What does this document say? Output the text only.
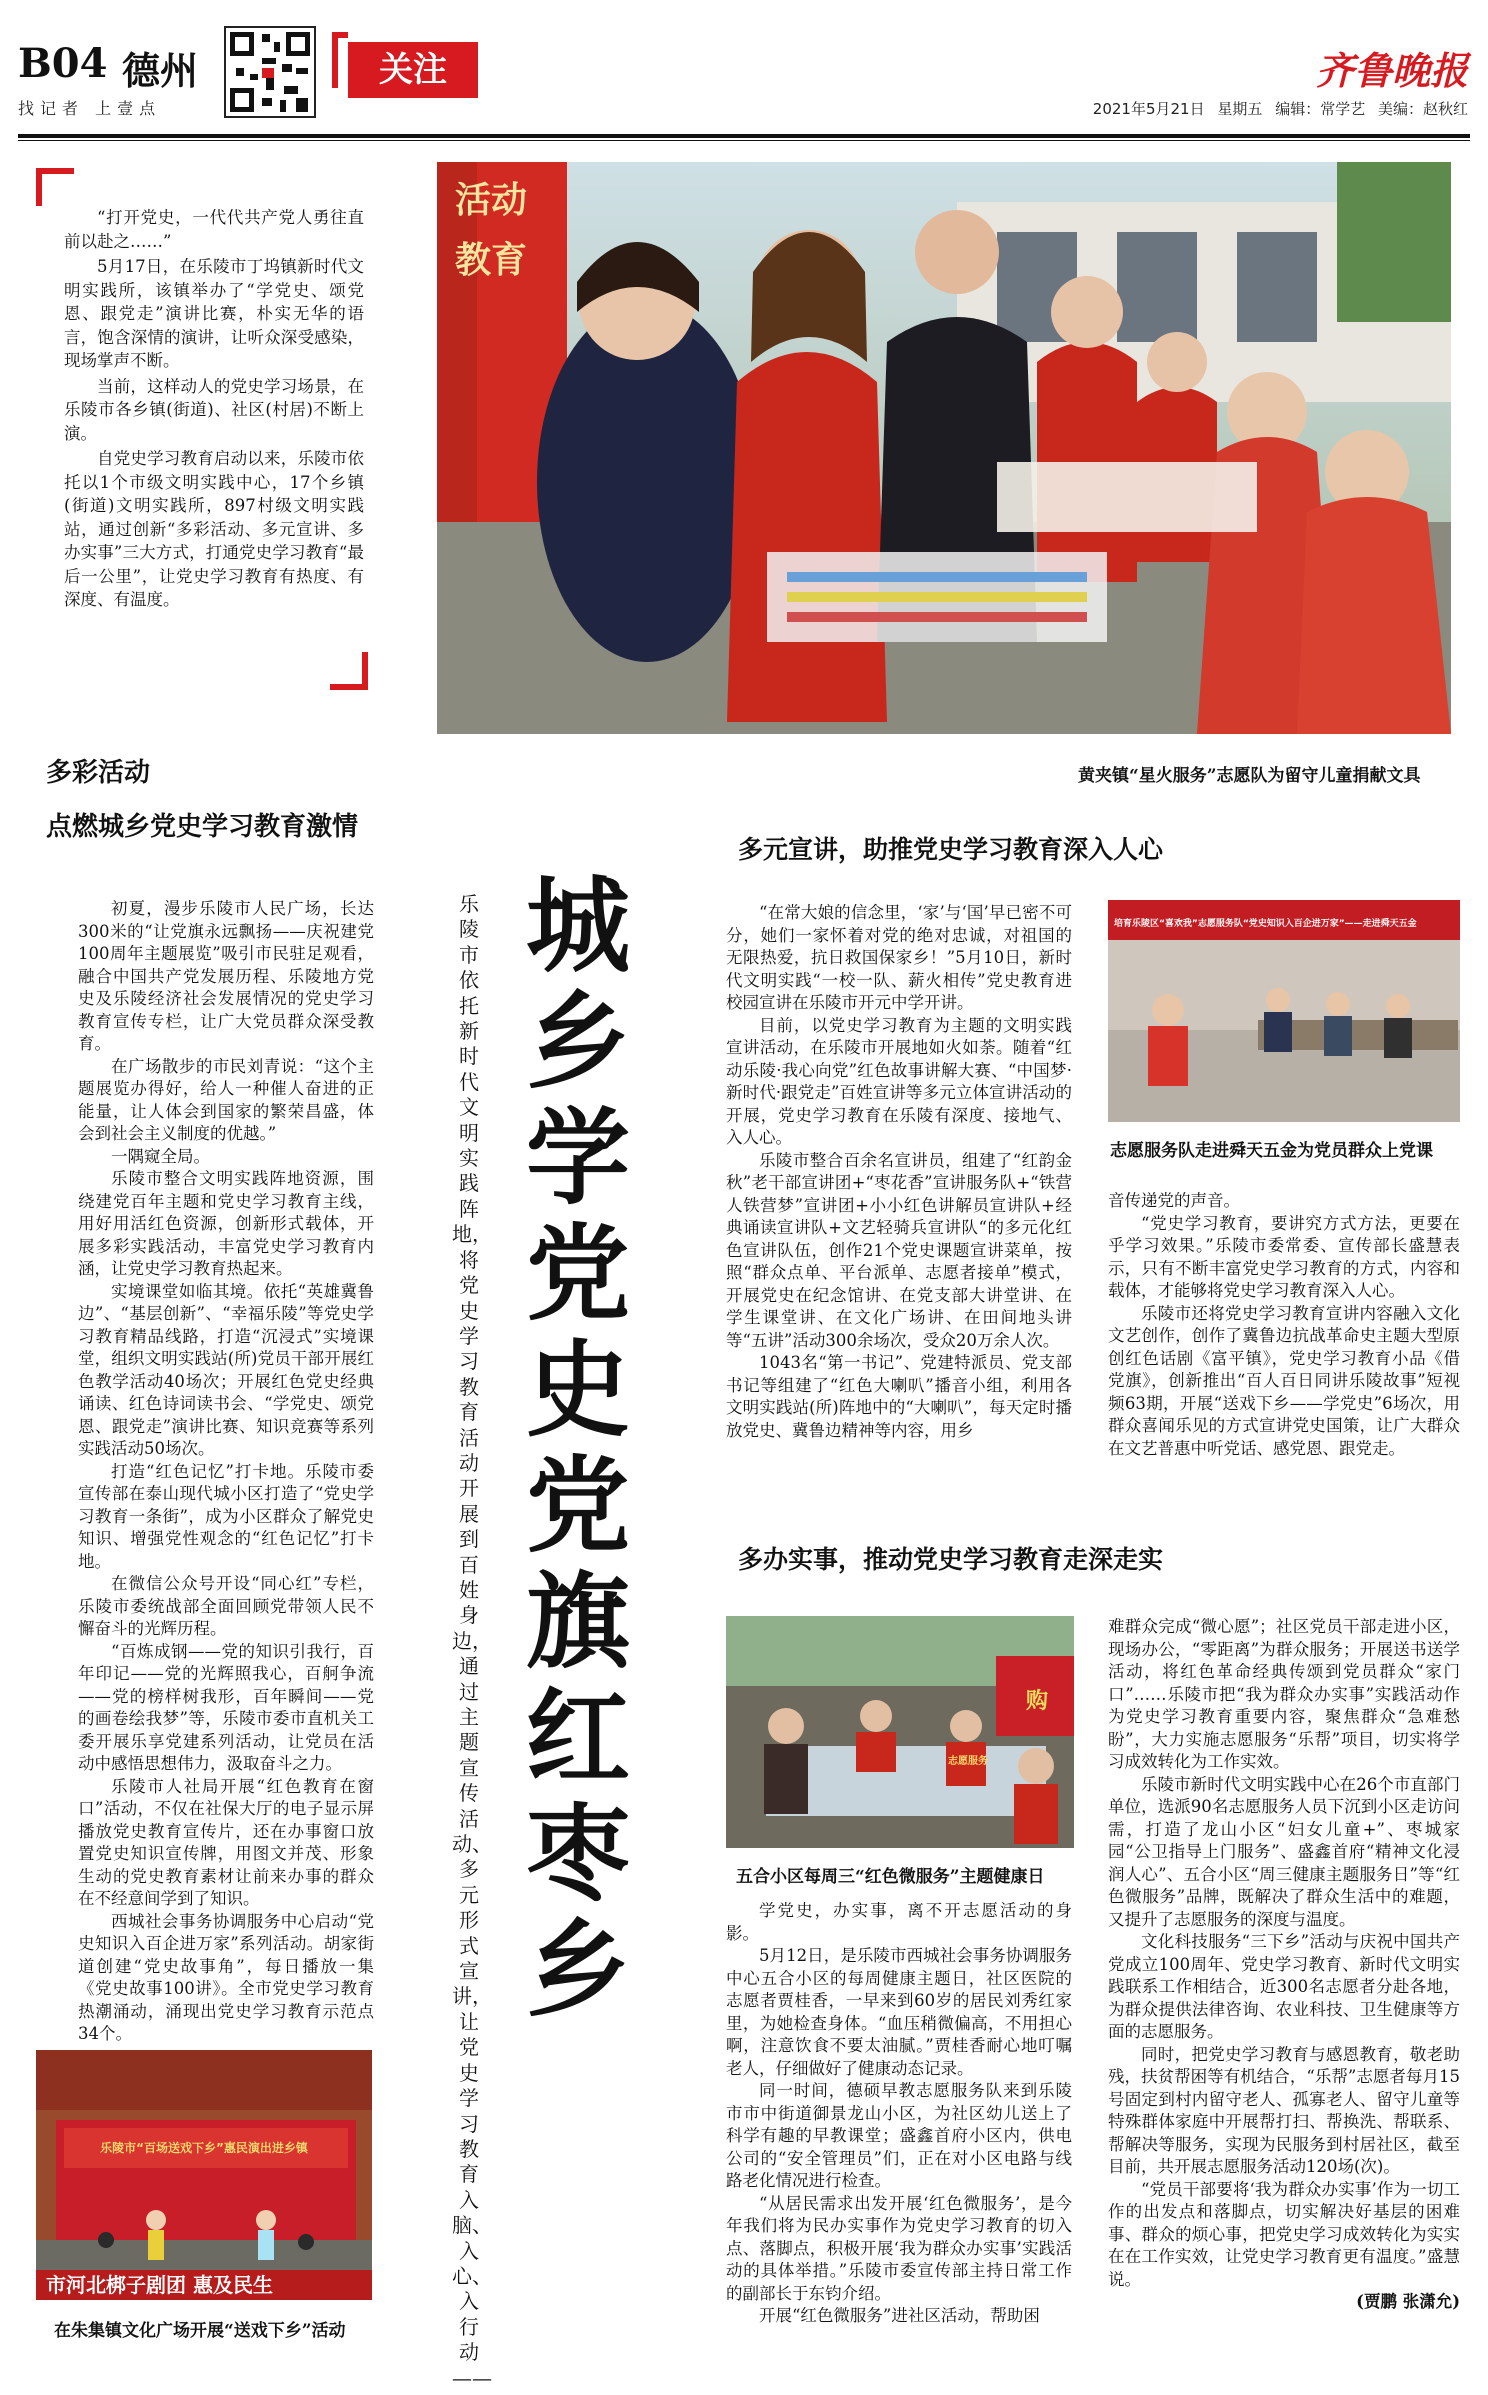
B04 德州
找记者 上壹点
关注	齐鲁晚报
2021年5月21日 星期五 编辑：常学艺 美编：赵秋红

“打开党史，一代代共产党人勇往直前以赴之……”

5月17日，在乐陵市丁坞镇新时代文明实践所，该镇举办了“学党史、颂党恩、跟党走”演讲比赛，朴实无华的语言，饱含深情的演讲，让听众深受感染，现场掌声不断。

当前，这样动人的党史学习场景，在乐陵市各乡镇(街道)、社区(村居)不断上演。

自党史学习教育启动以来，乐陵市依托以1个市级文明实践中心，17个乡镇(街道)文明实践所，897村级文明实践站，通过创新“多彩活动、多元宣讲、多办实事”三大方式，打通党史学习教育“最后一公里”，让党史学习教育有热度、有深度、有温度。

活动
教育
黄夹镇“星火服务”志愿队为留守儿童捐献文具
多彩活动
点燃城乡党史学习教育激情

初夏，漫步乐陵市人民广场，长达300米的“让党旗永远飘扬——庆祝建党100周年主题展览”吸引市民驻足观看，融合中国共产党发展历程、乐陵地方党史及乐陵经济社会发展情况的党史学习教育宣传专栏，让广大党员群众深受教育。

在广场散步的市民刘青说：“这个主题展览办得好，给人一种催人奋进的正能量，让人体会到国家的繁荣昌盛，体会到社会主义制度的优越。”

一隅窥全局。

乐陵市整合文明实践阵地资源，围绕建党百年主题和党史学习教育主线，用好用活红色资源，创新形式载体，开展多彩实践活动，丰富党史学习教育内涵，让党史学习教育热起来。

实境课堂如临其境。依托“英雄冀鲁边”、“基层创新”、“幸福乐陵”等党史学习教育精品线路，打造“沉浸式”实境课堂，组织文明实践站(所)党员干部开展红色教学活动40场次；开展红色党史经典诵读、红色诗词读书会、“学党史、颂党恩、跟党走”演讲比赛、知识竞赛等系列实践活动50场次。

打造“红色记忆”打卡地。乐陵市委宣传部在泰山现代城小区打造了“党史学习教育一条街”，成为小区群众了解党史知识、增强党性观念的“红色记忆”打卡地。

在微信公众号开设“同心红”专栏，乐陵市委统战部全面回顾党带领人民不懈奋斗的光辉历程。

“百炼成钢——党的知识引我行，百年印记——党的光辉照我心，百舸争流——党的榜样树我形，百年瞬间——党的画卷绘我梦”等，乐陵市委市直机关工委开展乐享党建系列活动，让党员在活动中感悟思想伟力，汲取奋斗之力。

乐陵市人社局开展“红色教育在窗口”活动，不仅在社保大厅的电子显示屏播放党史教育宣传片，还在办事窗口放置党史知识宣传牌，用图文并茂、形象生动的党史教育素材让前来办事的群众在不经意间学到了知识。

西城社会事务协调服务中心启动“党史知识入百企进万家”系列活动。胡家街道创建“党史故事角”，每日播放一集《党史故事100讲》。全市党史学习教育热潮涌动，涌现出党史学习教育示范点34个。

乐陵市“百场送戏下乡”惠民演出进乡镇
市河北梆子剧团 惠及民生
在朱集镇文化广场开展“送戏下乡”活动
乐陵市依托新时代文明实践阵地，将党史学习教育活动开展到百姓身边，通过主题宣传活动、多元形式宣讲，让党史学习教育入脑、入心、入行动——
城乡学党史 党旗红枣乡
多元宣讲，助推党史学习教育深入人心

“在常大娘的信念里，‘家’与‘国’早已密不可分，她们一家怀着对党的绝对忠诚，对祖国的无限热爱，抗日救国保家乡！”5月10日，新时代文明实践“一校一队、薪火相传”党史教育进校园宣讲在乐陵市开元中学开讲。

目前，以党史学习教育为主题的文明实践宣讲活动，在乐陵市开展地如火如荼。随着“红动乐陵·我心向党”红色故事讲解大赛、“中国梦·新时代·跟党走”百姓宣讲等多元立体宣讲活动的开展，党史学习教育在乐陵有深度、接地气、入人心。

乐陵市整合百余名宣讲员，组建了“红韵金秋”老干部宣讲团+“枣花香”宣讲服务队+“铁营人铁营梦”宣讲团+小小红色讲解员宣讲队+经典诵读宣讲队+文艺轻骑兵宣讲队“的多元化红色宣讲队伍，创作21个党史课题宣讲菜单，按照“群众点单、平台派单、志愿者接单”模式，开展党史在纪念馆讲、在党支部大讲堂讲、在学生课堂讲、在文化广场讲、在田间地头讲等“五讲”活动300余场次，受众20万余人次。

1043名“第一书记”、党建特派员、党支部书记等组建了“红色大喇叭”播音小组，利用各文明实践站(所)阵地中的“大喇叭”，每天定时播放党史、冀鲁边精神等内容，用乡

培育乐陵区“喜欢我”志愿服务队“党史知识入百企进万家”——走进舜天五金
志愿服务队走进舜天五金为党员群众上党课

音传递党的声音。

“党史学习教育，要讲究方式方法，更要在乎学习效果。”乐陵市委常委、宣传部长盛慧表示，只有不断丰富党史学习教育的方式，内容和载体，才能够将党史学习教育深入人心。

乐陵市还将党史学习教育宣讲内容融入文化文艺创作，创作了冀鲁边抗战革命史主题大型原创红色话剧《富平镇》，党史学习教育小品《借党旗》，创新推出“百人百日同讲乐陵故事”短视频63期，开展“送戏下乡——学党史”6场次，用群众喜闻乐见的方式宣讲党史国策，让广大群众在文艺普惠中听党话、感党恩、跟党走。

多办实事，推动党史学习教育走深走实
购
志愿服务
五合小区每周三“红色微服务”主题健康日

学党史，办实事，离不开志愿活动的身影。

5月12日，是乐陵市西城社会事务协调服务中心五合小区的每周健康主题日，社区医院的志愿者贾桂香，一早来到60岁的居民刘秀红家里，为她检查身体。“血压稍微偏高，不用担心啊，注意饮食不要太油腻。”贾桂香耐心地叮嘱老人，仔细做好了健康动态记录。

同一时间，德硕早教志愿服务队来到乐陵市市中街道御景龙山小区，为社区幼儿送上了科学有趣的早教课堂；盛鑫首府小区内，供电公司的“安全管理员”们，正在对小区电路与线路老化情况进行检查。

“从居民需求出发开展‘红色微服务’，是今年我们将为民办实事作为党史学习教育的切入点、落脚点，积极开展‘我为群众办实事’实践活动的具体举措。”乐陵市委宣传部主持日常工作的副部长于东钧介绍。

开展“红色微服务”进社区活动，帮助困

难群众完成“微心愿”；社区党员干部走进小区，现场办公，“零距离”为群众服务；开展送书送学活动，将红色革命经典传颂到党员群众“家门口”……乐陵市把“我为群众办实事”实践活动作为党史学习教育重要内容，聚焦群众“急难愁盼”，大力实施志愿服务“乐帮”项目，切实将学习成效转化为工作实效。

乐陵市新时代文明实践中心在26个市直部门单位，选派90名志愿服务人员下沉到小区走访问需，打造了龙山小区“妇女儿童+”、枣城家园“公卫指导上门服务”、盛鑫首府“精神文化浸润人心”、五合小区“周三健康主题服务日”等“红色微服务”品牌，既解决了群众生活中的难题，又提升了志愿服务的深度与温度。

文化科技服务“三下乡”活动与庆祝中国共产党成立100周年、党史学习教育、新时代文明实践联系工作相结合，近300名志愿者分赴各地，为群众提供法律咨询、农业科技、卫生健康等方面的志愿服务。

同时，把党史学习教育与感恩教育，敬老助残，扶贫帮困等有机结合，“乐帮”志愿者每月15号固定到村内留守老人、孤寡老人、留守儿童等特殊群体家庭中开展帮打扫、帮换洗、帮联系、帮解决等服务，实现为民服务到村居社区，截至目前，共开展志愿服务活动120场(次)。

“党员干部要将‘我为群众办实事’作为一切工作的出发点和落脚点，切实解决好基层的困难事、群众的烦心事，把党史学习成效转化为实实在在工作实效，让党史学习教育更有温度。”盛慧说。

(贾鹏 张潇允)
